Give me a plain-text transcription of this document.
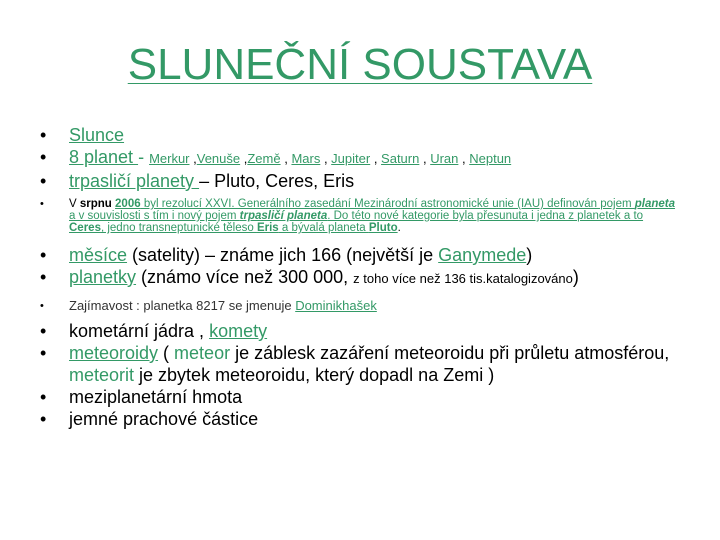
SLUNEČNÍ SOUSTAVA
• Slunce
• 8 planet - Merkur ,Venuše ,Země , Mars , Jupiter , Saturn , Uran , Neptun
• trpasličí planety – Pluto, Ceres, Eris
• V srpnu 2006 byl rezolucí XXVI. Generálního zasedání Mezinárodní astronomické unie (IAU) definován pojem planeta a v souvislosti s tím i nový pojem trpasličí planeta. Do této nové kategorie byla přesunuta i jedna z planetek a to Ceres, jedno transneptunické těleso Eris a bývalá planeta Pluto.
• měsíce (satelity) – známe jich 166 (největší je Ganymede)
• planetky (známo více než 300 000, z toho více než 136 tis.katalogizováno)
• Zajímavost : planetka 8217 se jmenuje Dominikhašek
• kometární jádra , komety
• meteoroidy ( meteor je záblesk zazáření meteoroidu při průletu atmosférou, meteorit je zbytek meteoroidu, který dopadl na Zemi )
• meziplanetární hmota
• jemné prachové částice
